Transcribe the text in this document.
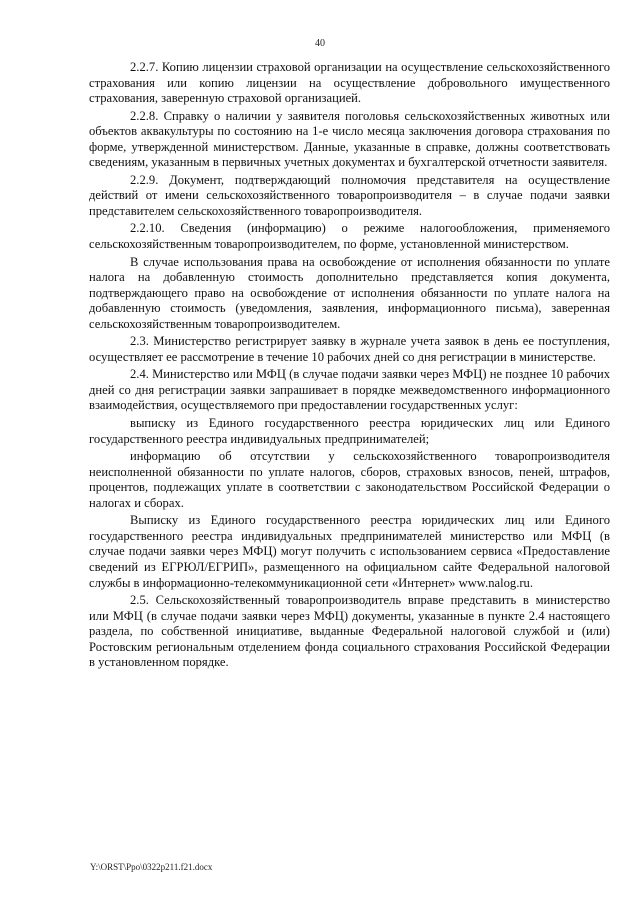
40

2.2.7. Копию лицензии страховой организации на осуществление сельскохозяйственного страхования или копию лицензии на осуществление добровольного имущественного страхования, заверенную страховой организацией.

2.2.8. Справку о наличии у заявителя поголовья сельскохозяйственных животных или объектов аквакультуры по состоянию на 1-е число месяца заключения договора страхования по форме, утвержденной министерством. Данные, указанные в справке, должны соответствовать сведениям, указанным в первичных учетных документах и бухгалтерской отчетности заявителя.

2.2.9. Документ, подтверждающий полномочия представителя на осуществление действий от имени сельскохозяйственного товаропроизводителя – в случае подачи заявки представителем сельскохозяйственного товаропроизводителя.

2.2.10. Сведения (информацию) о режиме налогообложения, применяемого сельскохозяйственным товаропроизводителем, по форме, установленной министерством.

В случае использования права на освобождение от исполнения обязанности по уплате налога на добавленную стоимость дополнительно представляется копия документа, подтверждающего право на освобождение от исполнения обязанности по уплате налога на добавленную стоимость (уведомления, заявления, информационного письма), заверенная сельскохозяйственным товаропроизводителем.

2.3. Министерство регистрирует заявку в журнале учета заявок в день ее поступления, осуществляет ее рассмотрение в течение 10 рабочих дней со дня регистрации в министерстве.

2.4. Министерство или МФЦ (в случае подачи заявки через МФЦ) не позднее 10 рабочих дней со дня регистрации заявки запрашивает в порядке межведомственного информационного взаимодействия, осуществляемого при предоставлении государственных услуг:

выписку из Единого государственного реестра юридических лиц или Единого государственного реестра индивидуальных предпринимателей;

информацию об отсутствии у сельскохозяйственного товаропроизводителя неисполненной обязанности по уплате налогов, сборов, страховых взносов, пеней, штрафов, процентов, подлежащих уплате в соответствии с законодательством Российской Федерации о налогах и сборах.

Выписку из Единого государственного реестра юридических лиц или Единого государственного реестра индивидуальных предпринимателей министерство или МФЦ (в случае подачи заявки через МФЦ) могут получить с использованием сервиса «Предоставление сведений из ЕГРЮЛ/ЕГРИП», размещенного на официальном сайте Федеральной налоговой службы в информационно-телекоммуникационной сети «Интернет» www.nalog.ru.

2.5. Сельскохозяйственный товаропроизводитель вправе представить в министерство или МФЦ (в случае подачи заявки через МФЦ) документы, указанные в пункте 2.4 настоящего раздела, по собственной инициативе, выданные Федеральной налоговой службой и (или) Ростовским региональным отделением фонда социального страхования Российской Федерации в установленном порядке.

Y:\ORST\Ppo\0322p211.f21.docx
